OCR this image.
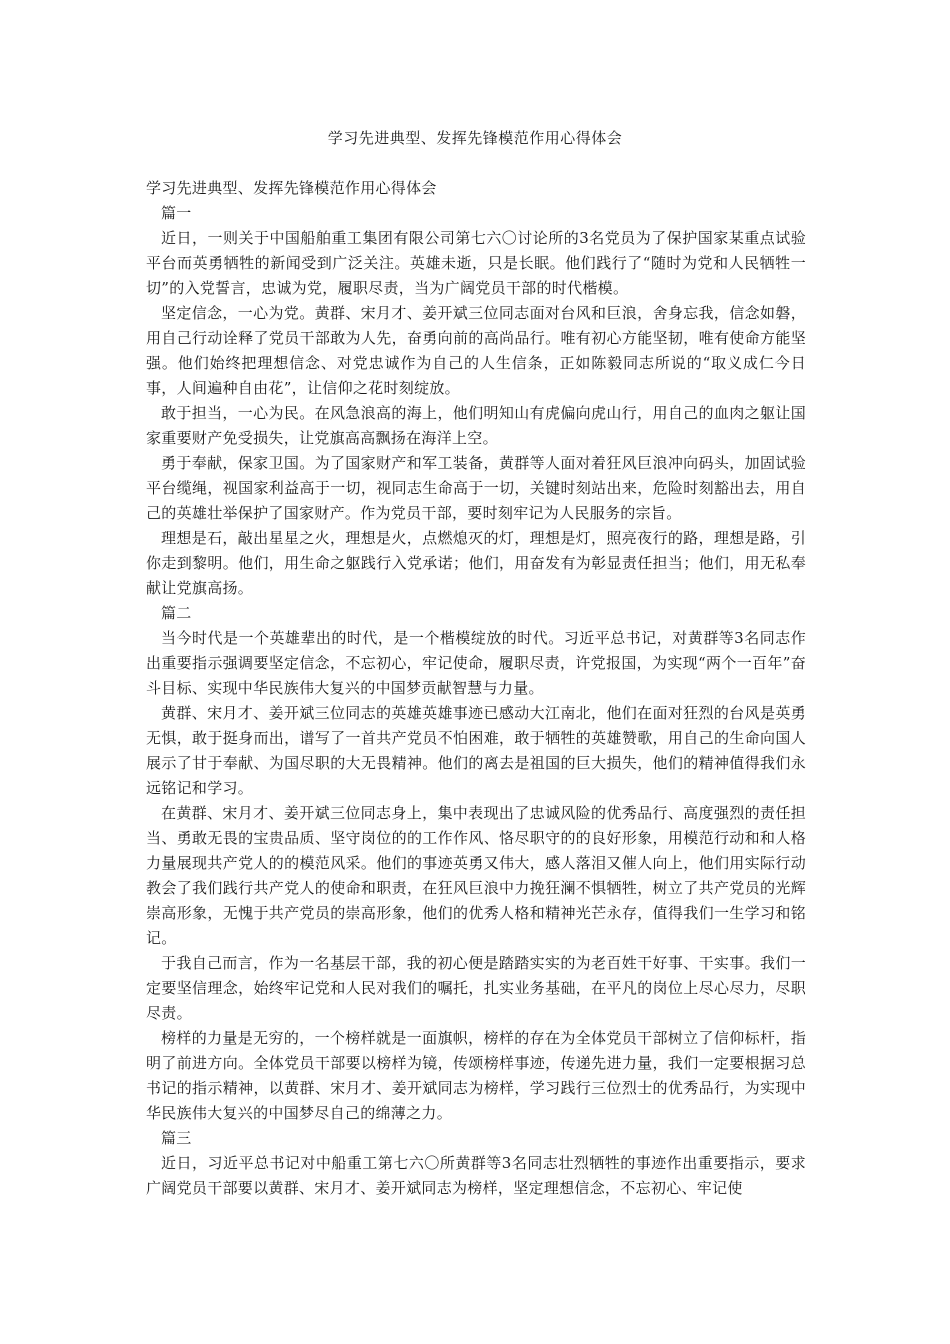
学习先进典型、发挥先锋模范作用心得体会

学习先进典型、发挥先锋模范作用心得体会

篇一

近日，一则关于中国船舶重工集团有限公司第七六〇讨论所的3名党员为了保护国家某重点试验平台而英勇牺牲的新闻受到广泛关注。英雄未逝，只是长眠。他们践行了“随时为党和人民牺牲一切”的入党誓言，忠诚为党，履职尽责，当为广阔党员干部的时代楷模。

坚定信念，一心为党。黄群、宋月才、姜开斌三位同志面对台风和巨浪，舍身忘我，信念如磐，用自己行动诠释了党员干部敢为人先，奋勇向前的高尚品行。唯有初心方能坚韧，唯有使命方能坚强。他们始终把理想信念、对党忠诚作为自己的人生信条，正如陈毅同志所说的“取义成仁今日事，人间遍种自由花”，让信仰之花时刻绽放。

敢于担当，一心为民。在风急浪高的海上，他们明知山有虎偏向虎山行，用自己的血肉之躯让国家重要财产免受损失，让党旗高高飘扬在海洋上空。

勇于奉献，保家卫国。为了国家财产和军工装备，黄群等人面对着狂风巨浪冲向码头，加固试验平台缆绳，视国家利益高于一切，视同志生命高于一切，关键时刻站出来，危险时刻豁出去，用自己的英雄壮举保护了国家财产。作为党员干部，要时刻牢记为人民服务的宗旨。

理想是石，敲出星星之火，理想是火，点燃熄灭的灯，理想是灯，照亮夜行的路，理想是路，引你走到黎明。他们，用生命之躯践行入党承诺；他们，用奋发有为彰显责任担当；他们，用无私奉献让党旗高扬。

篇二

当今时代是一个英雄辈出的时代，是一个楷模绽放的时代。习近平总书记，对黄群等3名同志作出重要指示强调要坚定信念，不忘初心，牢记使命，履职尽责，许党报国，为实现“两个一百年”奋斗目标、实现中华民族伟大复兴的中国梦贡献智慧与力量。

黄群、宋月才、姜开斌三位同志的英雄英雄事迹已感动大江南北，他们在面对狂烈的台风是英勇无惧，敢于挺身而出，谱写了一首共产党员不怕困难，敢于牺牲的英雄赞歌，用自己的生命向国人展示了甘于奉献、为国尽职的大无畏精神。他们的离去是祖国的巨大损失，他们的精神值得我们永远铭记和学习。

在黄群、宋月才、姜开斌三位同志身上，集中表现出了忠诚风险的优秀品行、高度强烈的责任担当、勇敢无畏的宝贵品质、坚守岗位的的工作作风、恪尽职守的的良好形象，用模范行动和和人格力量展现共产党人的的模范风采。他们的事迹英勇又伟大，感人落泪又催人向上，他们用实际行动教会了我们践行共产党人的使命和职责，在狂风巨浪中力挽狂澜不惧牺牲，树立了共产党员的光辉崇高形象，无愧于共产党员的崇高形象，他们的优秀人格和精神光芒永存，值得我们一生学习和铭记。

于我自己而言，作为一名基层干部，我的初心便是踏踏实实的为老百姓干好事、干实事。我们一定要坚信理念，始终牢记党和人民对我们的嘱托，扎实业务基础，在平凡的岗位上尽心尽力，尽职尽责。

榜样的力量是无穷的，一个榜样就是一面旗帜，榜样的存在为全体党员干部树立了信仰标杆，指明了前进方向。全体党员干部要以榜样为镜，传颂榜样事迹，传递先进力量，我们一定要根据习总书记的指示精神，以黄群、宋月才、姜开斌同志为榜样，学习践行三位烈士的优秀品行，为实现中华民族伟大复兴的中国梦尽自己的绵薄之力。

篇三

近日，习近平总书记对中船重工第七六〇所黄群等3名同志壮烈牺牲的事迹作出重要指示，要求广阔党员干部要以黄群、宋月才、姜开斌同志为榜样，坚定理想信念，不忘初心、牢记使
